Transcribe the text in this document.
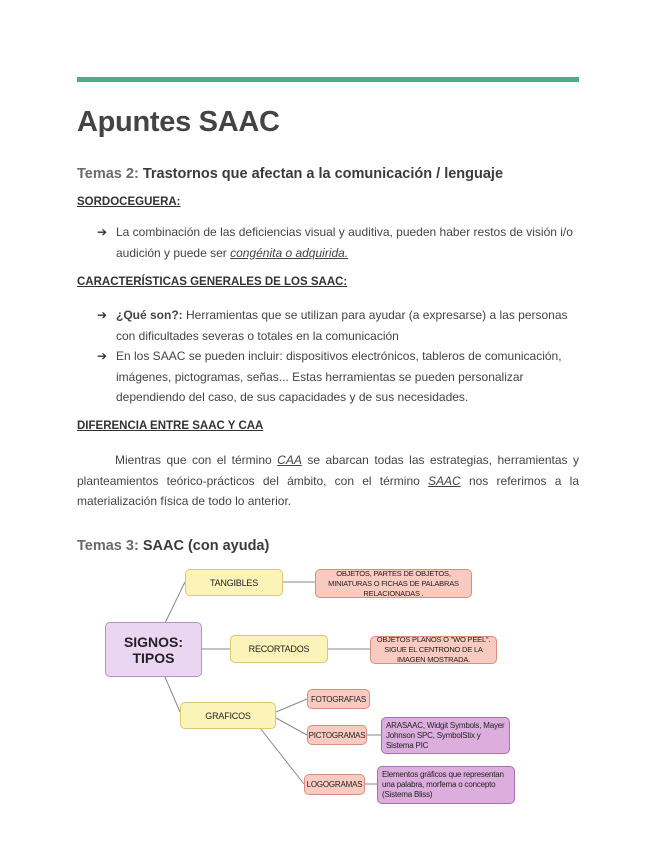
Apuntes SAAC
Temas 2: Trastornos que afectan a la comunicación / lenguaje
SORDOCEGUERA:
➔ La combinación de las deficiencias visual y auditiva, pueden haber restos de visión i/o audición y puede ser congénita o adquirida.
CARACTERÍSTICAS GENERALES DE LOS SAAC:
➔ ¿Qué son?: Herramientas que se utilizan para ayudar (a expresarse) a las personas con dificultades severas o totales en la comunicación
➔ En los SAAC se pueden incluir: dispositivos electrónicos, tableros de comunicación, imágenes, pictogramas, señas... Estas herramientas se pueden personalizar dependiendo del caso, de sus capacidades y de sus necesidades.
DIFERENCIA ENTRE SAAC Y CAA

Mientras que con el término CAA se abarcan todas las estrategias, herramientas y planteamientos teórico-prácticos del ámbito, con el término SAAC nos referimos a la materialización física de todo lo anterior.

Temas 3: SAAC (con ayuda)
SIGNOS: TIPOS
TANGIBLES
OBJETOS, PARTES DE OBJETOS, MINIATURAS O FICHAS DE PALABRAS RELACIONADAS .
RECORTADOS
OBJETOS PLANOS O "WO PEEL". SIGUE EL CENTRONO DE LA IMAGEN MOSTRADA.
GRAFICOS
FOTOGRAFIAS
PICTOGRAMAS
ARASAAC, Widgit Symbols, Mayer Johnson SPC, SymbolStix y Sistema PIC
LOGOGRAMAS
Elementos gráficos que representan una palabra, morfema o concepto (Sistema Bliss)
